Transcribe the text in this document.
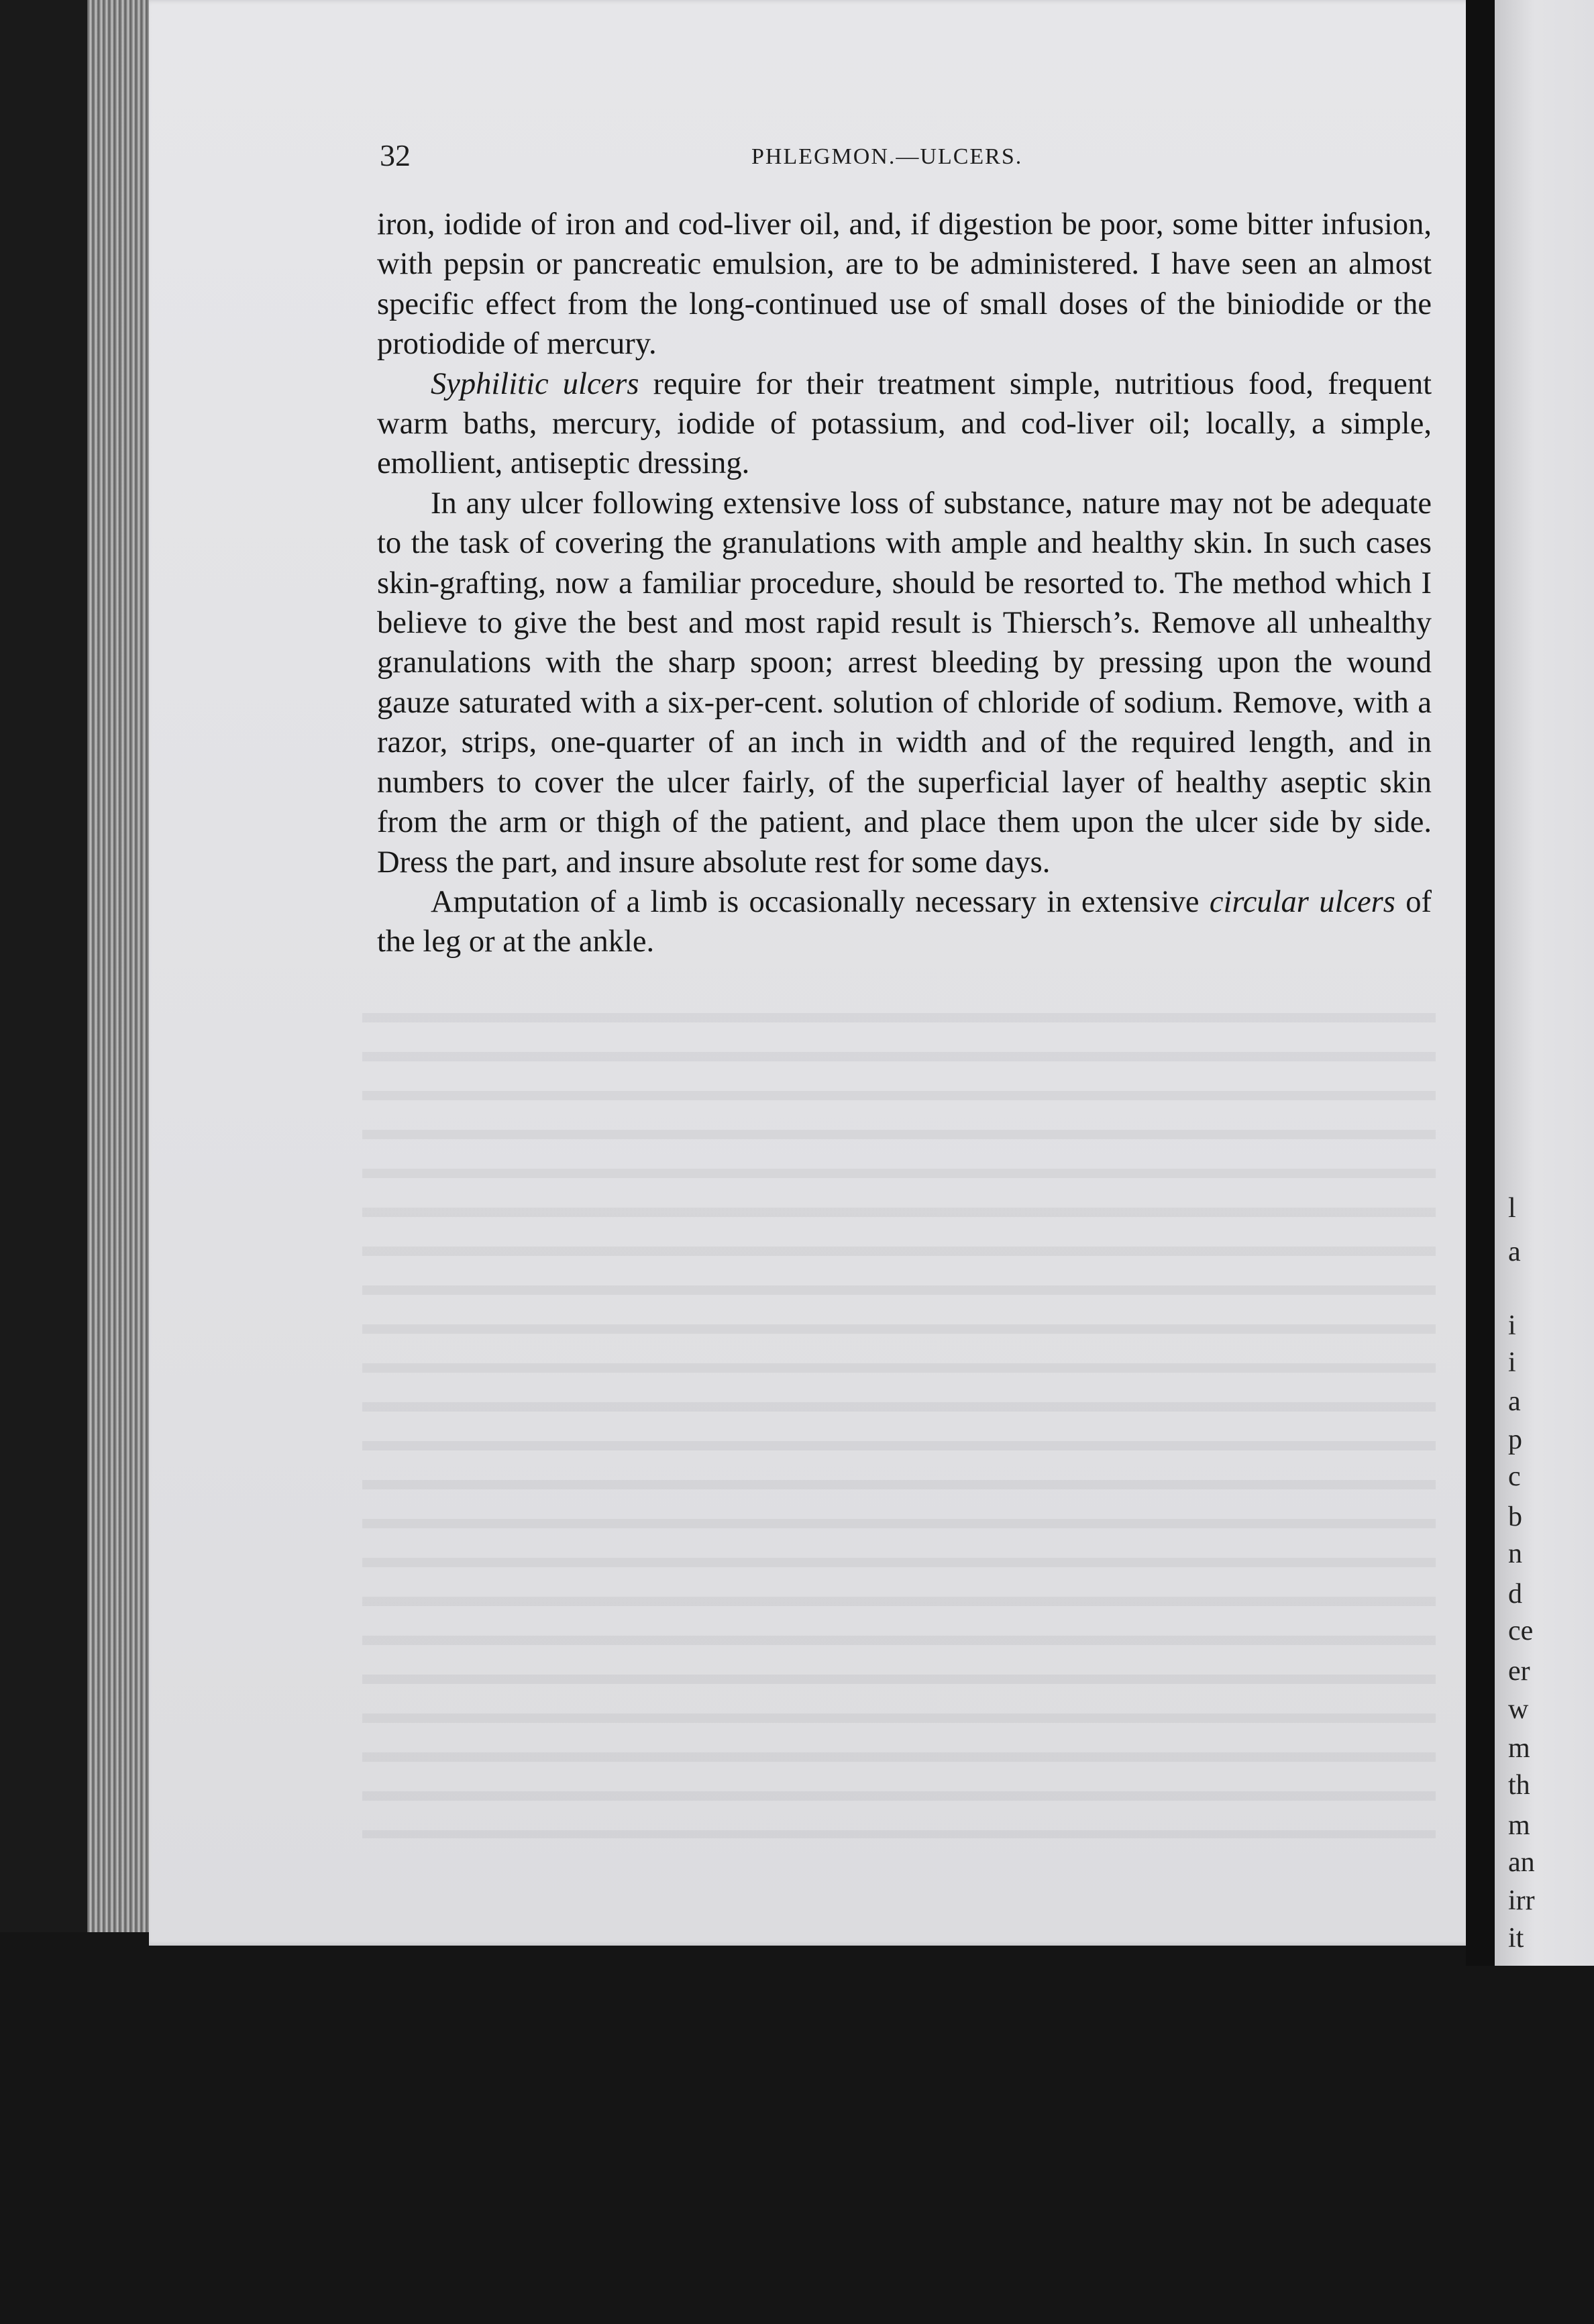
32	PHLEGMON.—ULCERS.

iron, iodide of iron and cod-liver oil, and, if digestion be poor, some bitter infusion, with pepsin or pancreatic emulsion, are to be administered. I have seen an almost specific effect from the long-continued use of small doses of the biniodide or the protiodide of mercury.

Syphilitic ulcers require for their treatment simple, nutritious food, frequent warm baths, mercury, iodide of potassium, and cod-liver oil; locally, a simple, emollient, antiseptic dressing.

In any ulcer following extensive loss of substance, nature may not be adequate to the task of covering the granulations with ample and healthy skin. In such cases skin-grafting, now a familiar procedure, should be resorted to. The method which I believe to give the best and most rapid result is Thiersch’s. Remove all unhealthy granulations with the sharp spoon; arrest bleeding by pressing upon the wound gauze saturated with a six-per-cent. solution of chloride of sodium. Remove, with a razor, strips, one-quarter of an inch in width and of the required length, and in numbers to cover the ulcer fairly, of the superficial layer of healthy aseptic skin from the arm or thigh of the patient, and place them upon the ulcer side by side. Dress the part, and insure absolute rest for some days.

Amputation of a limb is occasionally necessary in extensive circular ulcers of the leg or at the ankle.

l
a
i
i
a
p
c
b
n
d
ce
er
w
m
th
m
an
irr
it
